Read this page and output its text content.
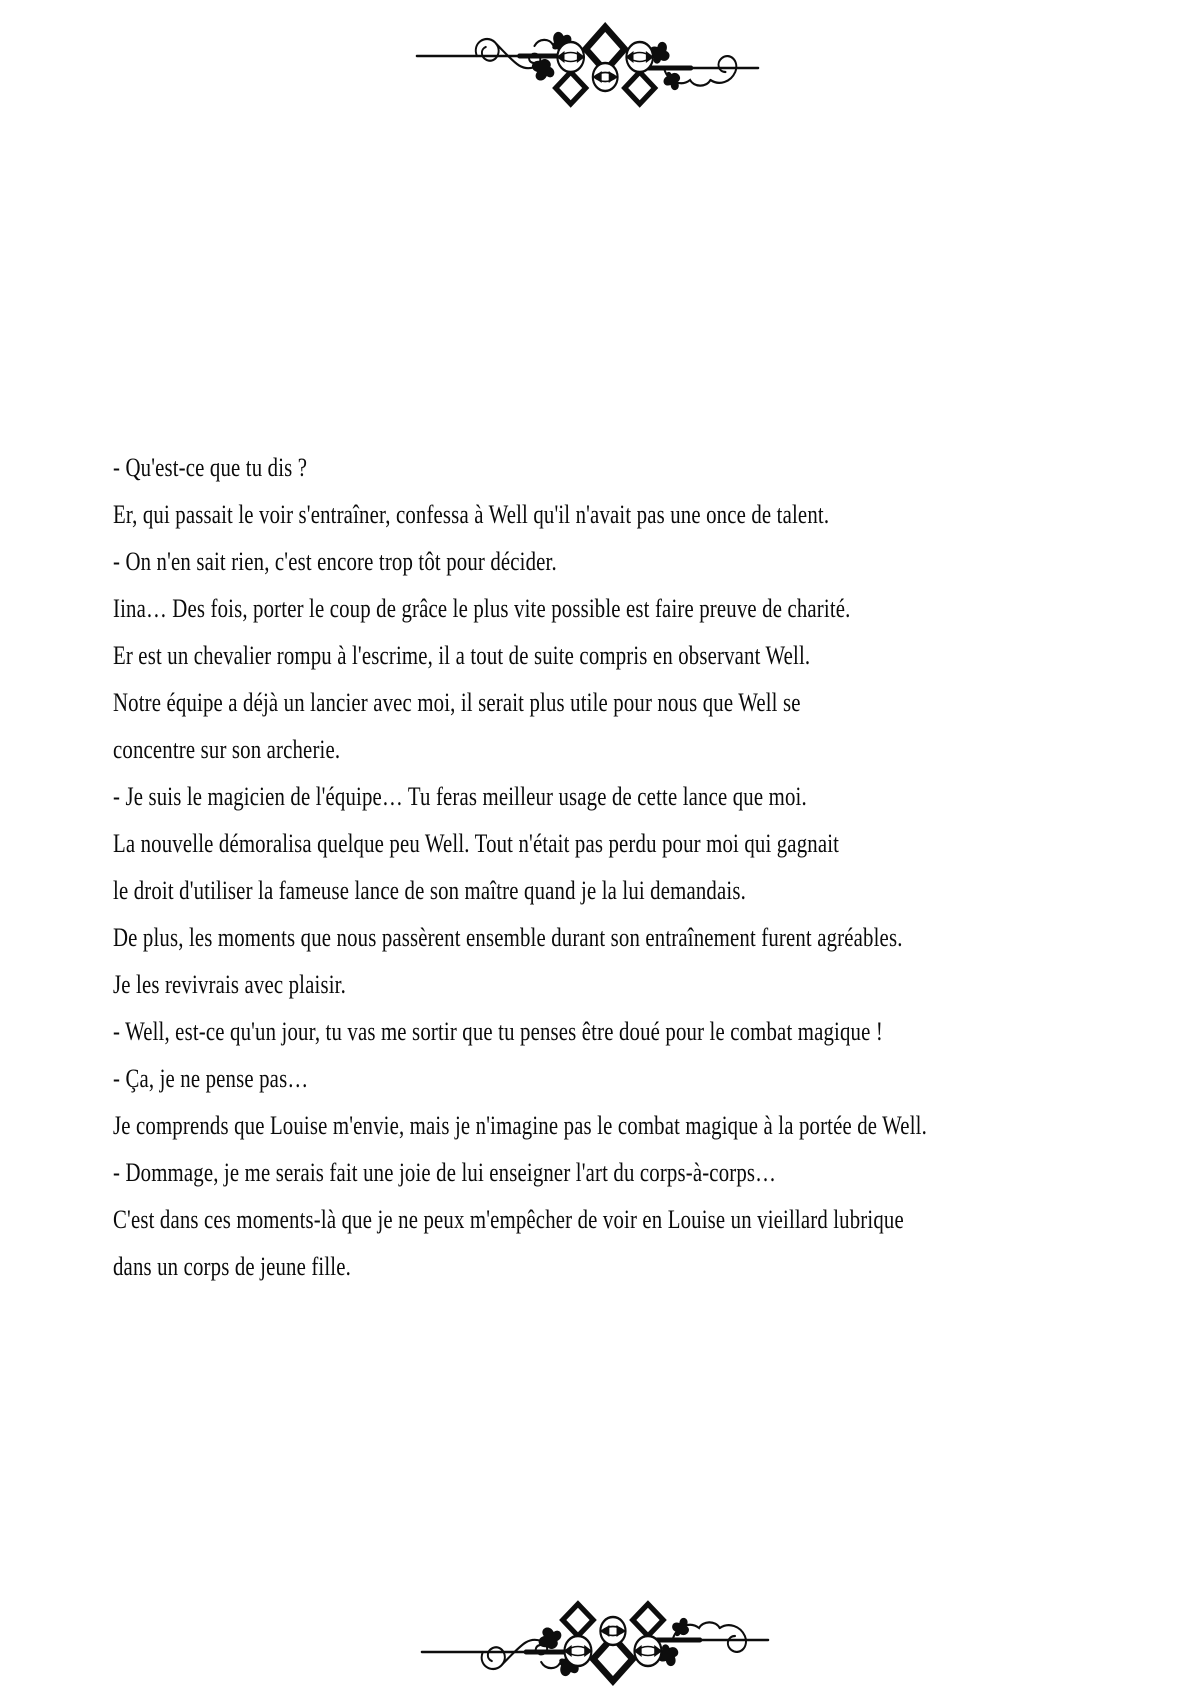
- Qu'est-ce que tu dis ?
Er, qui passait le voir s'entraîner, confessa à Well qu'il n'avait pas une once de talent.
- On n'en sait rien, c'est encore trop tôt pour décider.
Iina… Des fois, porter le coup de grâce le plus vite possible est faire preuve de charité.
Er est un chevalier rompu à l'escrime, il a tout de suite compris en observant Well.
Notre équipe a déjà un lancier avec moi, il serait plus utile pour nous que Well se
concentre sur son archerie.
- Je suis le magicien de l'équipe… Tu feras meilleur usage de cette lance que moi.
La nouvelle démoralisa quelque peu Well. Tout n'était pas perdu pour moi qui gagnait
le droit d'utiliser la fameuse lance de son maître quand je la lui demandais.
De plus, les moments que nous passèrent ensemble durant son entraînement furent agréables.
Je les revivrais avec plaisir.
- Well, est-ce qu'un jour, tu vas me sortir que tu penses être doué pour le combat magique !
- Ça, je ne pense pas…
Je comprends que Louise m'envie, mais je n'imagine pas le combat magique à la portée de Well.
- Dommage, je me serais fait une joie de lui enseigner l'art du corps-à-corps…
C'est dans ces moments-là que je ne peux m'empêcher de voir en Louise un vieillard lubrique
dans un corps de jeune fille.
